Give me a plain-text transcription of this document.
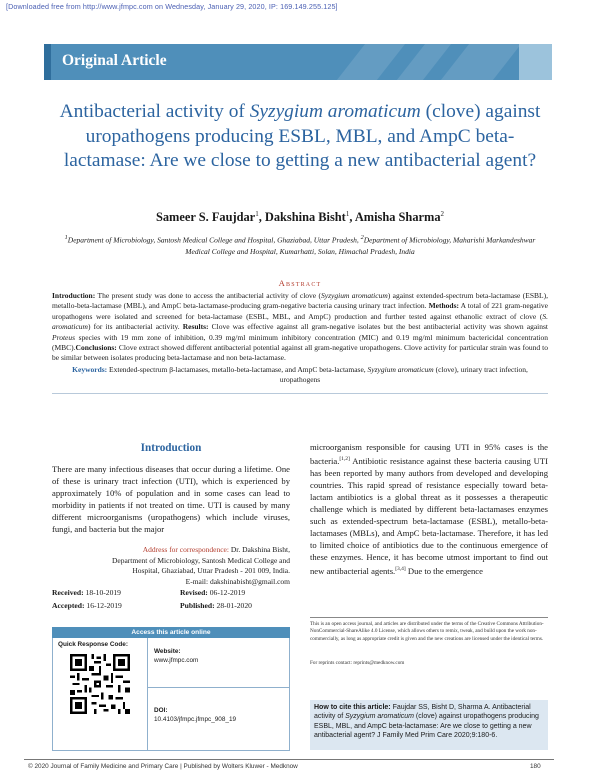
[Downloaded free from http://www.jfmpc.com on Wednesday, January 29, 2020, IP: 169.149.255.125]
Original Article
Antibacterial activity of Syzygium aromaticum (clove) against uropathogens producing ESBL, MBL, and AmpC beta-lactamase: Are we close to getting a new antibacterial agent?
Sameer S. Faujdar$^1$, Dakshina Bisht$^1$, Amisha Sharma$^2$
$^1$Department of Microbiology, Santosh Medical College and Hospital, Ghaziabad, Uttar Pradesh, $^2$Department of Microbiology, Maharishi Markandeshwar Medical College and Hospital, Kumarhatti, Solan, Himachal Pradesh, India
Abstract
Introduction: The present study was done to access the antibacterial activity of clove (Syzygium aromaticum) against extended-spectrum beta-lactamase (ESBL), metallo-beta-lactamase (MBL), and AmpC beta-lactamase-producing gram-negative bacteria causing urinary tract infection. Methods: A total of 221 gram-negative uropathogens were isolated and screened for beta-lactamase (ESBL, MBL, and AmpC) production and further tested against ethanolic extract of clove (S. aromaticum) for its antibacterial activity. Results: Clove was effective against all gram-negative isolates but the best antibacterial activity was shown against Proteus species with 19 mm zone of inhibition, 0.39 mg/ml minimum inhibitory concentration (MIC) and 0.19 mg/ml minimum bactericidal concentration (MBC).Conclusions: Clove extract showed different antibacterial potential against all gram-negative uropathogens. Clove activity for particular strain was found to be similar between isolates producing beta-lactamase and non beta-lactamase.
Keywords: Extended-spectrum β-lactamases, metallo-beta-lactamase, and AmpC beta-lactamase, Syzygium aromaticum (clove), urinary tract infection, uropathogens
Introduction
There are many infectious diseases that occur during a lifetime. One of these is urinary tract infection (UTI), which is experienced by approximately 10% of population and in some cases can lead to morbidity in patients if not treated on time. UTI is caused by many different microorganisms (uropathogens) which include viruses, fungi, and bacteria but the major
microorganism responsible for causing UTI in 95% cases is the bacteria.[1,2] Antibiotic resistance against these bacteria causing UTI has been reported by many authors from developed and developing countries. This rapid spread of resistance especially toward beta-lactam antibiotics is a global threat as it possesses a therapeutic challenge which is mediated by different beta-lactamases enzymes such as extended-spectrum beta-lactamase (ESBL), metallo-beta-lactamases (MBLs), and AmpC beta-lactamase. Therefore, it has led to limited choice of antibiotics due to the continuous emergence of these enzymes. Hence, it has become utmost important to find out new antibacterial agents.[3,4] Due to the emergence
Address for correspondence: Dr. Dakshina Bisht,
Department of Microbiology, Santosh Medical College and
Hospital, Ghaziabad, Uttar Pradesh - 201 009, India.
E-mail: dakshinabisht@gmail.com
Received: 18-10-2019	Revised: 06-12-2019
Accepted: 16-12-2019	Published: 28-01-2020
Access this article online
Quick Response Code:
Website:
www.jfmpc.com
DOI:
10.4103/jfmpc.jfmpc_908_19
This is an open access journal, and articles are distributed under the terms of the Creative Commons Attribution-NonCommercial-ShareAlike 4.0 License, which allows others to remix, tweak, and build upon the work non-commercially, as long as appropriate credit is given and the new creations are licensed under the identical terms.
For reprints contact: reprints@medknow.com
How to cite this article: Faujdar SS, Bisht D, Sharma A. Antibacterial activity of Syzygium aromaticum (clove) against uropathogens producing ESBL, MBL, and AmpC beta-lactamase: Are we close to getting a new antibacterial agent? J Family Med Prim Care 2020;9:180-6.
© 2020 Journal of Family Medicine and Primary Care | Published by Wolters Kluwer - Medknow	180
